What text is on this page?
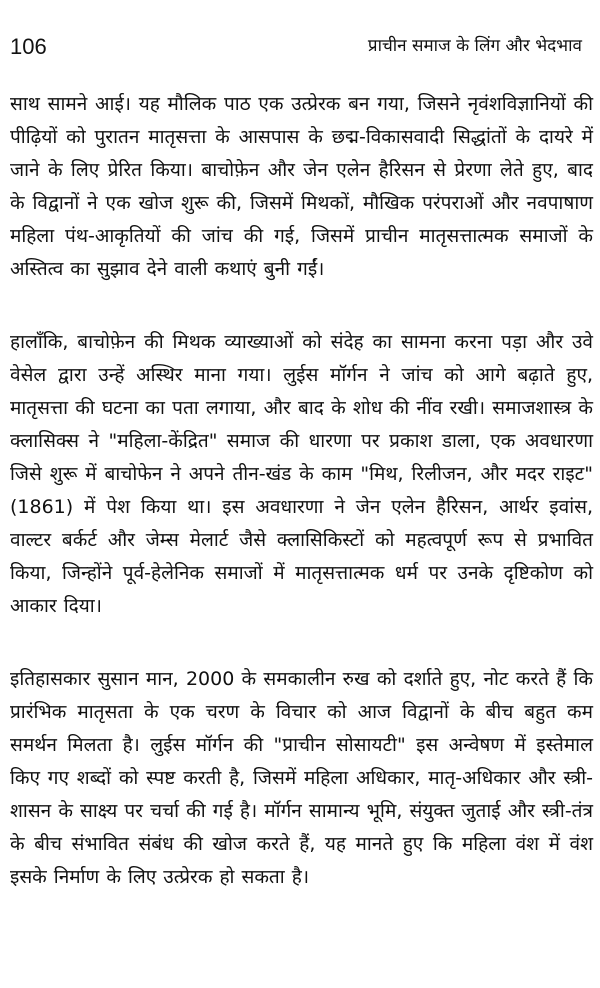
106	प्राचीन समाज के लिंग और भेदभाव

साथ सामने आई। यह मौलिक पाठ एक उत्प्रेरक बन गया, जिसने नृवंशविज्ञानियों की पीढ़ियों को पुरातन मातृसत्ता के आसपास के छद्म-विकासवादी सिद्धांतों के दायरे में जाने के लिए प्रेरित किया। बाचोफ़ेन और जेन एलेन हैरिसन से प्रेरणा लेते हुए, बाद के विद्वानों ने एक खोज शुरू की, जिसमें मिथकों, मौखिक परंपराओं और नवपाषाण महिला पंथ-आकृतियों की जांच की गई, जिसमें प्राचीन मातृसत्तात्मक समाजों के अस्तित्व का सुझाव देने वाली कथाएं बुनी गईं।

हालाँकि, बाचोफ़ेन की मिथक व्याख्याओं को संदेह का सामना करना पड़ा और उवे वेसेल द्वारा उन्हें अस्थिर माना गया। लुईस मॉर्गन ने जांच को आगे बढ़ाते हुए, मातृसत्ता की घटना का पता लगाया, और बाद के शोध की नींव रखी। समाजशास्त्र के क्लासिक्स ने "महिला-केंद्रित" समाज की धारणा पर प्रकाश डाला, एक अवधारणा जिसे शुरू में बाचोफेन ने अपने तीन-खंड के काम "मिथ, रिलीजन, और मदर राइट" (1861) में पेश किया था। इस अवधारणा ने जेन एलेन हैरिसन, आर्थर इवांस, वाल्टर बर्कर्ट और जेम्स मेलार्ट जैसे क्लासिकिस्टों को महत्वपूर्ण रूप से प्रभावित किया, जिन्होंने पूर्व-हेलेनिक समाजों में मातृसत्तात्मक धर्म पर उनके दृष्टिकोण को आकार दिया।

इतिहासकार सुसान मान, 2000 के समकालीन रुख को दर्शाते हुए, नोट करते हैं कि प्रारंभिक मातृसता के एक चरण के विचार को आज विद्वानों के बीच बहुत कम समर्थन मिलता है। लुईस मॉर्गन की "प्राचीन सोसायटी" इस अन्वेषण में इस्तेमाल किए गए शब्दों को स्पष्ट करती है, जिसमें महिला अधिकार, मातृ-अधिकार और स्त्री-शासन के साक्ष्य पर चर्चा की गई है। मॉर्गन सामान्य भूमि, संयुक्त जुताई और स्त्री-तंत्र के बीच संभावित संबंध की खोज करते हैं, यह मानते हुए कि महिला वंश में वंश इसके निर्माण के लिए उत्प्रेरक हो सकता है।
